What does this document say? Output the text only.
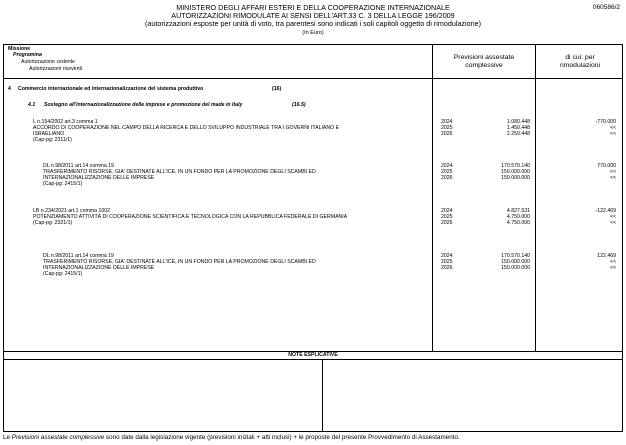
060586/2
MINISTERO DEGLI AFFARI ESTERI E DELLA COOPERAZIONE INTERNAZIONALE
AUTORIZZAZIONI RIMODULATE AI SENSI DELL'ART.33 C. 3 DELLA LEGGE 196/2009
(autorizzazioni esposte per unità di voto, tra parentesi sono indicati i soli capitoli oggetto di rimodulazione)
(In Euro)
Missione
Programma
Autorizzazione cedente
Autorizzazioni riceventi
Previsioni assestate complessive
di cui: per rimodulazioni
4 Commercio internazionale ed internazionalizzazione del sistema produttivo	(16)
4.1 Sostegno all'internazionalizzazione delle imprese e promozione del made in Italy	(16.5)
L n.154/2002 art.3 comma 1
ACCORDO DI COOPERAZIONE NEL CAMPO DELLA RICERCA E DELLO SVILUPPO INDUSTRIALE TRA I GOVERNI ITALIANO E
ISRAELIANO
(Cap-pg: 2311/1)
2024
2025
2026
1.080.448
1.450.448
2.250.448
-770.000
<<
<<
DL n.98/2011 art.14 comma 19
TRASFERIMENTO RISORSE, GIA' DESTINATE ALL'ICE, IN UN FONDO PER LA PROMOZIONE DEGLI SCAMBI ED
INTERNAZIONALIZZAZIONE DELLE IMPRESE
(Cap-pg: 2415/1)
2024
2025
2026
170.570.140
150.000.000
150.000.000
770.000
<<
<<
LB n.234/2021 art.1 comma 1002
POTENZIAMENTO ATTIVITÀ DI COOPERAZIONE SCIENTIFICA E TECNOLOGICA CON LA REPUBBLICA FEDERALE DI GERMANIA
(Cap-pg: 2321/1)
2024
2025
2026
4.827.531
4.750.000
4.750.000
-122.469
<<
<<
DL n.98/2011 art.14 comma 19
TRASFERIMENTO RISORSE, GIA' DESTINATE ALL'ICE, IN UN FONDO PER LA PROMOZIONE DEGLI SCAMBI ED
INTERNAZIONALIZZAZIONE DELLE IMPRESE
(Cap-pg: 2415/1)
2024
2025
2026
170.570.140
150.000.000
150.000.000
122.469
<<
<<
NOTE ESPLICATIVE
Le Previsioni assestate complessive sono date dalla legislazione vigente (previsioni iniziali + atti inclusi) + le proposte del presente Provvedimento di Assestamento.
